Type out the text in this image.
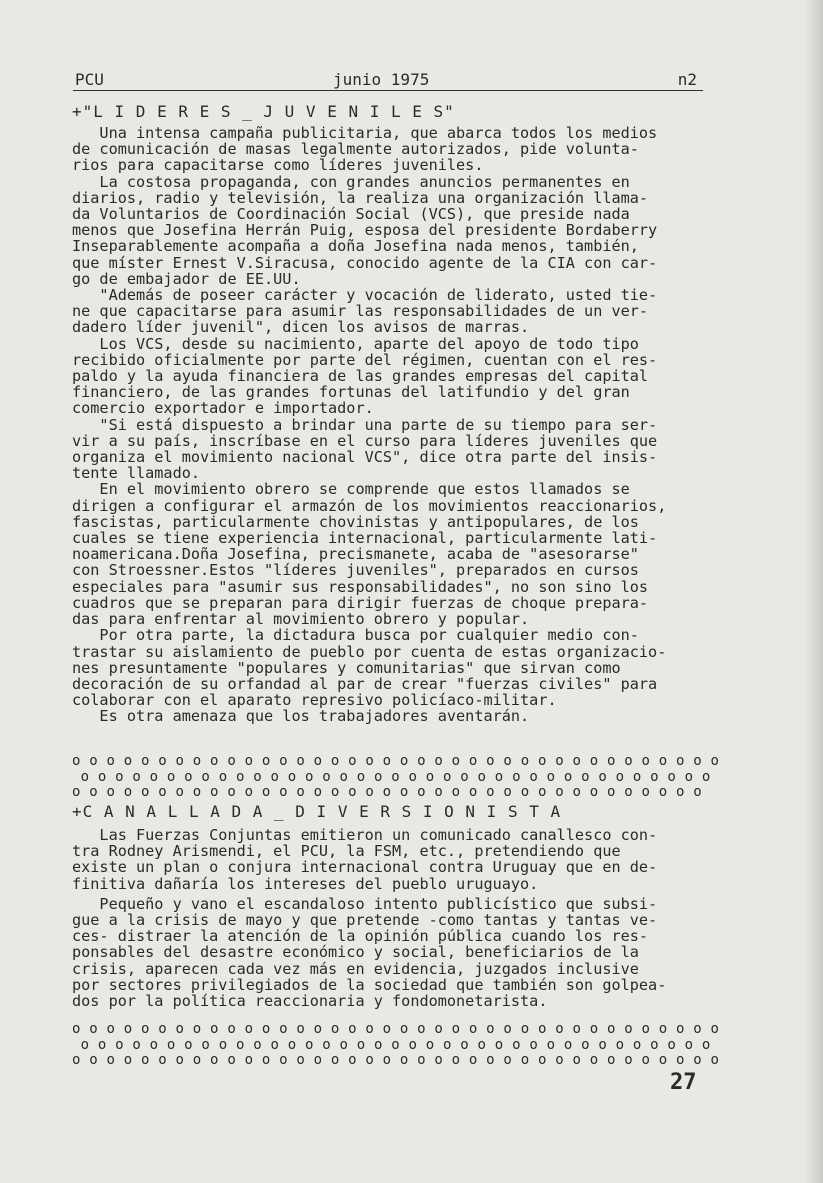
PCU	junio 1975	n2
+"L I D E R E S _ J U V E N I L E S"

Una intensa campaña publicitaria, que abarca todos los medios
de comunicación de masas legalmente autorizados, pide volunta-
rios para capacitarse como líderes juveniles.

La costosa propaganda, con grandes anuncios permanentes en
diarios, radio y televisión, la realiza una organización llama-
da Voluntarios de Coordinación Social (VCS), que preside nada
menos que Josefina Herrán Puig, esposa del presidente Bordaberry
Inseparablemente acompaña a doña Josefina nada menos, también,
que míster Ernest V.Siracusa, conocido agente de la CIA con car-
go de embajador de EE.UU.

"Además de poseer carácter y vocación de liderato, usted tie-
ne que capacitarse para asumir las responsabilidades de un ver-
dadero líder juvenil", dicen los avisos de marras.

Los VCS, desde su nacimiento, aparte del apoyo de todo tipo
recibido oficialmente por parte del régimen, cuentan con el res-
paldo y la ayuda financiera de las grandes empresas del capital
financiero, de las grandes fortunas del latifundio y del gran
comercio exportador e importador.

"Si está dispuesto a brindar una parte de su tiempo para ser-
vir a su país, inscríbase en el curso para líderes juveniles que
organiza el movimiento nacional VCS", dice otra parte del insis-
tente llamado.

En el movimiento obrero se comprende que estos llamados se
dirigen a configurar el armazón de los movimientos reaccionarios,
fascistas, particularmente chovinistas y antipopulares, de los
cuales se tiene experiencia internacional, particularmente lati-
noamericana.Doña Josefina, precismanete, acaba de "asesorarse"
con Stroessner.Estos "líderes juveniles", preparados en cursos
especiales para "asumir sus responsabilidades", no son sino los
cuadros que se preparan para dirigir fuerzas de choque prepara-
das para enfrentar al movimiento obrero y popular.

Por otra parte, la dictadura busca por cualquier medio con-
trastar su aislamiento de pueblo por cuenta de estas organizacio-
nes presuntamente "populares y comunitarias" que sirvan como
decoración de su orfandad al par de crear "fuerzas civiles" para
colaborar con el aparato represivo policíaco-militar.

Es otra amenaza que los trabajadores aventarán.

o o o o o o o o o o o o o o o o o o o o o o o o o o o o o o o o o o o o o o
o o o o o o o o o o o o o o o o o o o o o o o o o o o o o o o o o o o o o
o o o o o o o o o o o o o o o o o o o o o o o o o o o o o o o o o o o o o
+C A N A L L A D A _ D I V E R S I O N I S T A

Las Fuerzas Conjuntas emitieron un comunicado canallesco con-
tra Rodney Arismendi, el PCU, la FSM, etc., pretendiendo que
existe un plan o conjura internacional contra Uruguay que en de-
finitiva dañaría los intereses del pueblo uruguayo.

Pequeño y vano el escandaloso intento publicístico que subsi-
gue a la crisis de mayo y que pretende -como tantas y tantas ve-
ces- distraer la atención de la opinión pública cuando los res-
ponsables del desastre económico y social, beneficiarios de la
crisis, aparecen cada vez más en evidencia, juzgados inclusive
por sectores privilegiados de la sociedad que también son golpea-
dos por la política reaccionaria y fondomonetarista.

o o o o o o o o o o o o o o o o o o o o o o o o o o o o o o o o o o o o o o
o o o o o o o o o o o o o o o o o o o o o o o o o o o o o o o o o o o o o
o o o o o o o o o o o o o o o o o o o o o o o o o o o o o o o o o o o o o o
27
